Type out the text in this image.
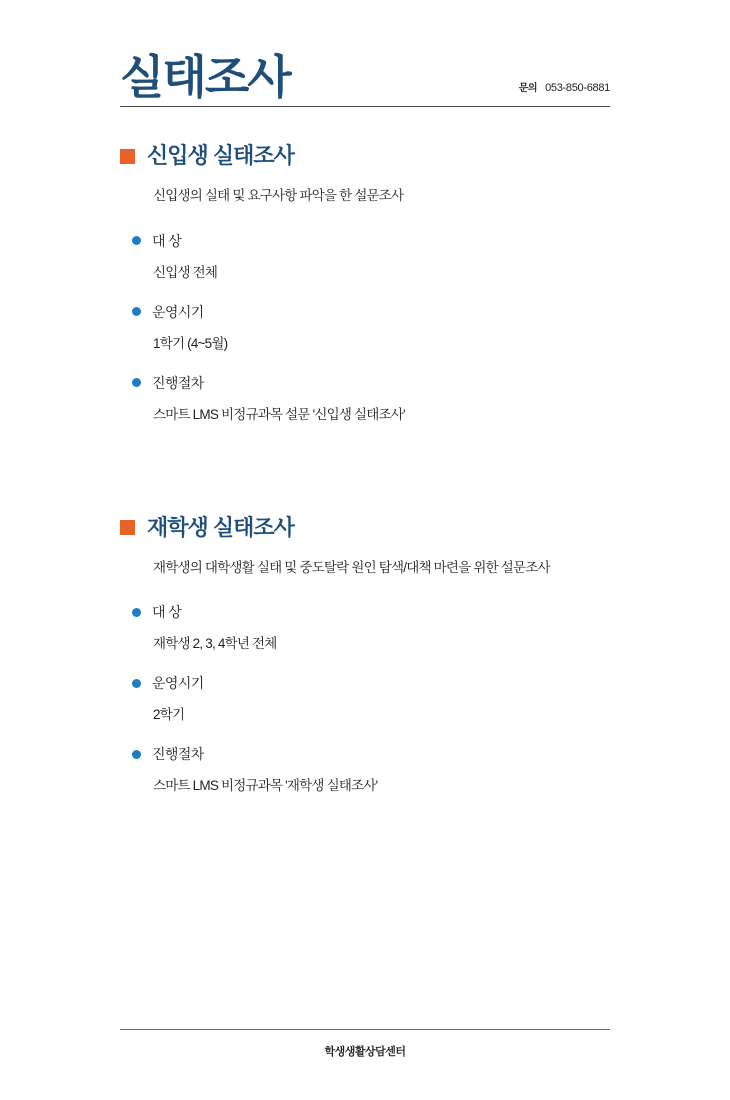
실태조사	문의 053-850-6881
신입생 실태조사

신입생의 실태 및 요구사항 파악을 한 설문조사

대 상
신입생 전체
운영시기
1학기 (4~5월)
진행절차
스마트 LMS 비정규과목 설문 '신입생 실태조사'
재학생 실태조사

재학생의 대학생활 실태 및 중도탈락 원인 탐색/대책 마련을 위한 설문조사

대 상
재학생 2, 3, 4학년 전체
운영시기
2학기
진행절차
스마트 LMS 비정규과목 '재학생 실태조사'
학생생활상담센터
